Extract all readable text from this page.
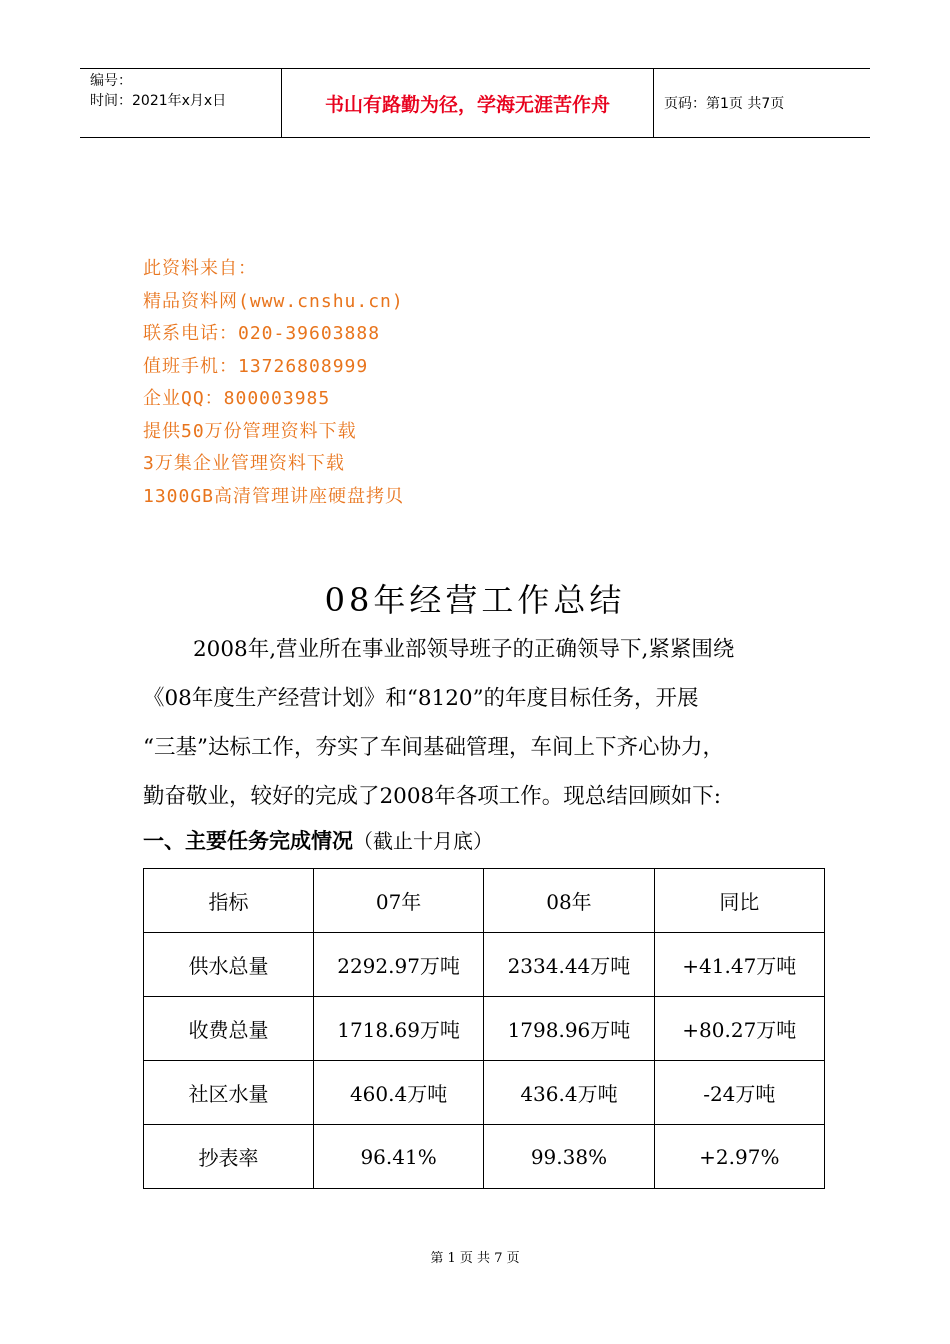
编号：
时间：2021年x月x日	书山有路勤为径，学海无涯苦作舟	页码：第1页 共7页
此资料来自：
精品资料网(www.cnshu.cn)
联系电话：020-39603888
值班手机：13726808999
企业QQ：800003985
提供50万份管理资料下载
3万集企业管理资料下载
1300GB高清管理讲座硬盘拷贝
08年经营工作总结
2008年,营业所在事业部领导班子的正确领导下,紧紧围绕
《08年度生产经营计划》和“8120”的年度目标任务，开展
“三基”达标工作，夯实了车间基础管理，车间上下齐心协力，
勤奋敬业，较好的完成了2008年各项工作。现总结回顾如下:
一、主要任务完成情况（截止十月底）
指标	07年	08年	同比
供水总量	2292.97万吨	2334.44万吨	+41.47万吨
收费总量	1718.69万吨	1798.96万吨	+80.27万吨
社区水量	460.4万吨	436.4万吨	-24万吨
抄表率	96.41%	99.38%	+2.97%
第 1 页 共 7 页
